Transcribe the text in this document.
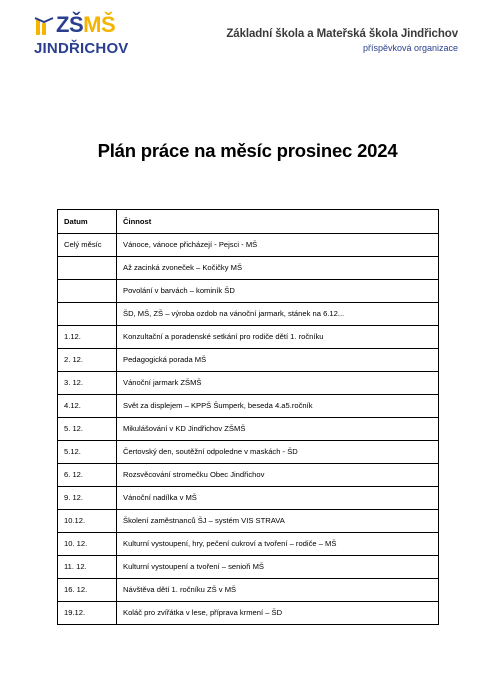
ZŠMŠ
JINDŘICHOV
Základní škola a Mateřská škola Jindřichov
příspěvková organizace
Plán práce na měsíc prosinec 2024
Datum	Činnost
Celý měsíc	Vánoce, vánoce přicházejí - Pejsci - MŠ
	Až zacinká zvoneček – Kočičky MŠ
	Povolání v barvách – kominík ŠD
	ŠD, MŠ, ZŠ – výroba ozdob na vánoční jarmark, stánek na 6.12...
1.12.	Konzultační a poradenské setkání pro rodiče dětí 1. ročníku
2. 12.	Pedagogická porada MŠ
3. 12.	Vánoční jarmark ZŠMŠ
4.12.	Svět za displejem – KPPŠ Šumperk, beseda 4.a5.ročník
5. 12.	Mikulášování v KD Jindřichov ZŠMŠ
5.12.	Čertovský den, soutěžní odpoledne v maskách - ŠD
6. 12.	Rozsvěcování stromečku Obec Jindřichov
9. 12.	Vánoční nadílka v MŠ
10.12.	Školení zaměstnanců ŠJ – systém VIS STRAVA
10. 12.	Kulturní vystoupení, hry, pečení cukroví a tvoření – rodiče – MŠ
11. 12.	Kulturní vystoupení a tvoření – senioři MŠ
16. 12.	Návštěva dětí 1. ročníku ZŠ v MŠ
19.12.	Koláč pro zvířátka v lese, příprava krmení – ŠD
